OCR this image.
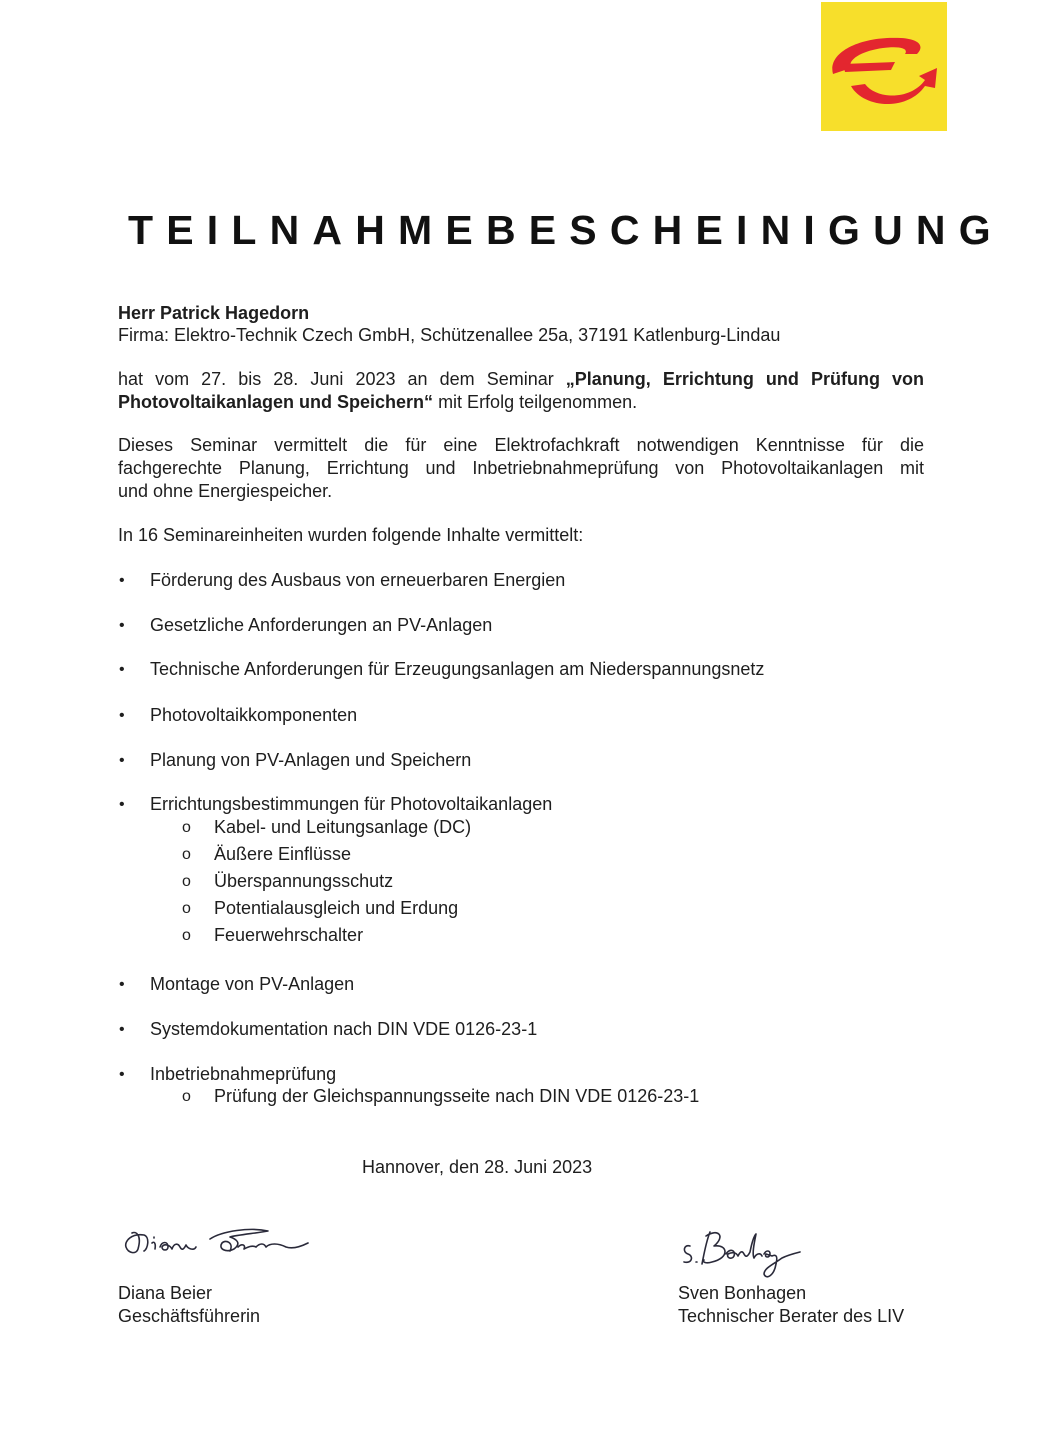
TEILNAHMEBESCHEINIGUNG
Herr Patrick Hagedorn
Firma: Elektro-Technik Czech GmbH, Schützenallee 25a, 37191 Katlenburg-Lindau
hat vom 27. bis 28. Juni 2023 an dem Seminar „Planung, Errichtung und Prüfung von
Photovoltaikanlagen und Speichern“ mit Erfolg teilgenommen.
Dieses Seminar vermittelt die für eine Elektrofachkraft notwendigen Kenntnisse für die
fachgerechte Planung, Errichtung und Inbetriebnahmeprüfung von Photovoltaikanlagen mit
und ohne Energiespeicher.
In 16 Seminareinheiten wurden folgende Inhalte vermittelt:
• Förderung des Ausbaus von erneuerbaren Energien
• Gesetzliche Anforderungen an PV-Anlagen
• Technische Anforderungen für Erzeugungsanlagen am Niederspannungsnetz
• Photovoltaikkomponenten
• Planung von PV-Anlagen und Speichern
• Errichtungsbestimmungen für Photovoltaikanlagen
o Kabel- und Leitungsanlage (DC)
o Äußere Einflüsse
o Überspannungsschutz
o Potentialausgleich und Erdung
o Feuerwehrschalter
• Montage von PV-Anlagen
• Systemdokumentation nach DIN VDE 0126-23-1
• Inbetriebnahmeprüfung
o Prüfung der Gleichspannungsseite nach DIN VDE 0126-23-1
Hannover, den 28. Juni 2023
Diana Beier
Geschäftsführerin
Sven Bonhagen
Technischer Berater des LIV
